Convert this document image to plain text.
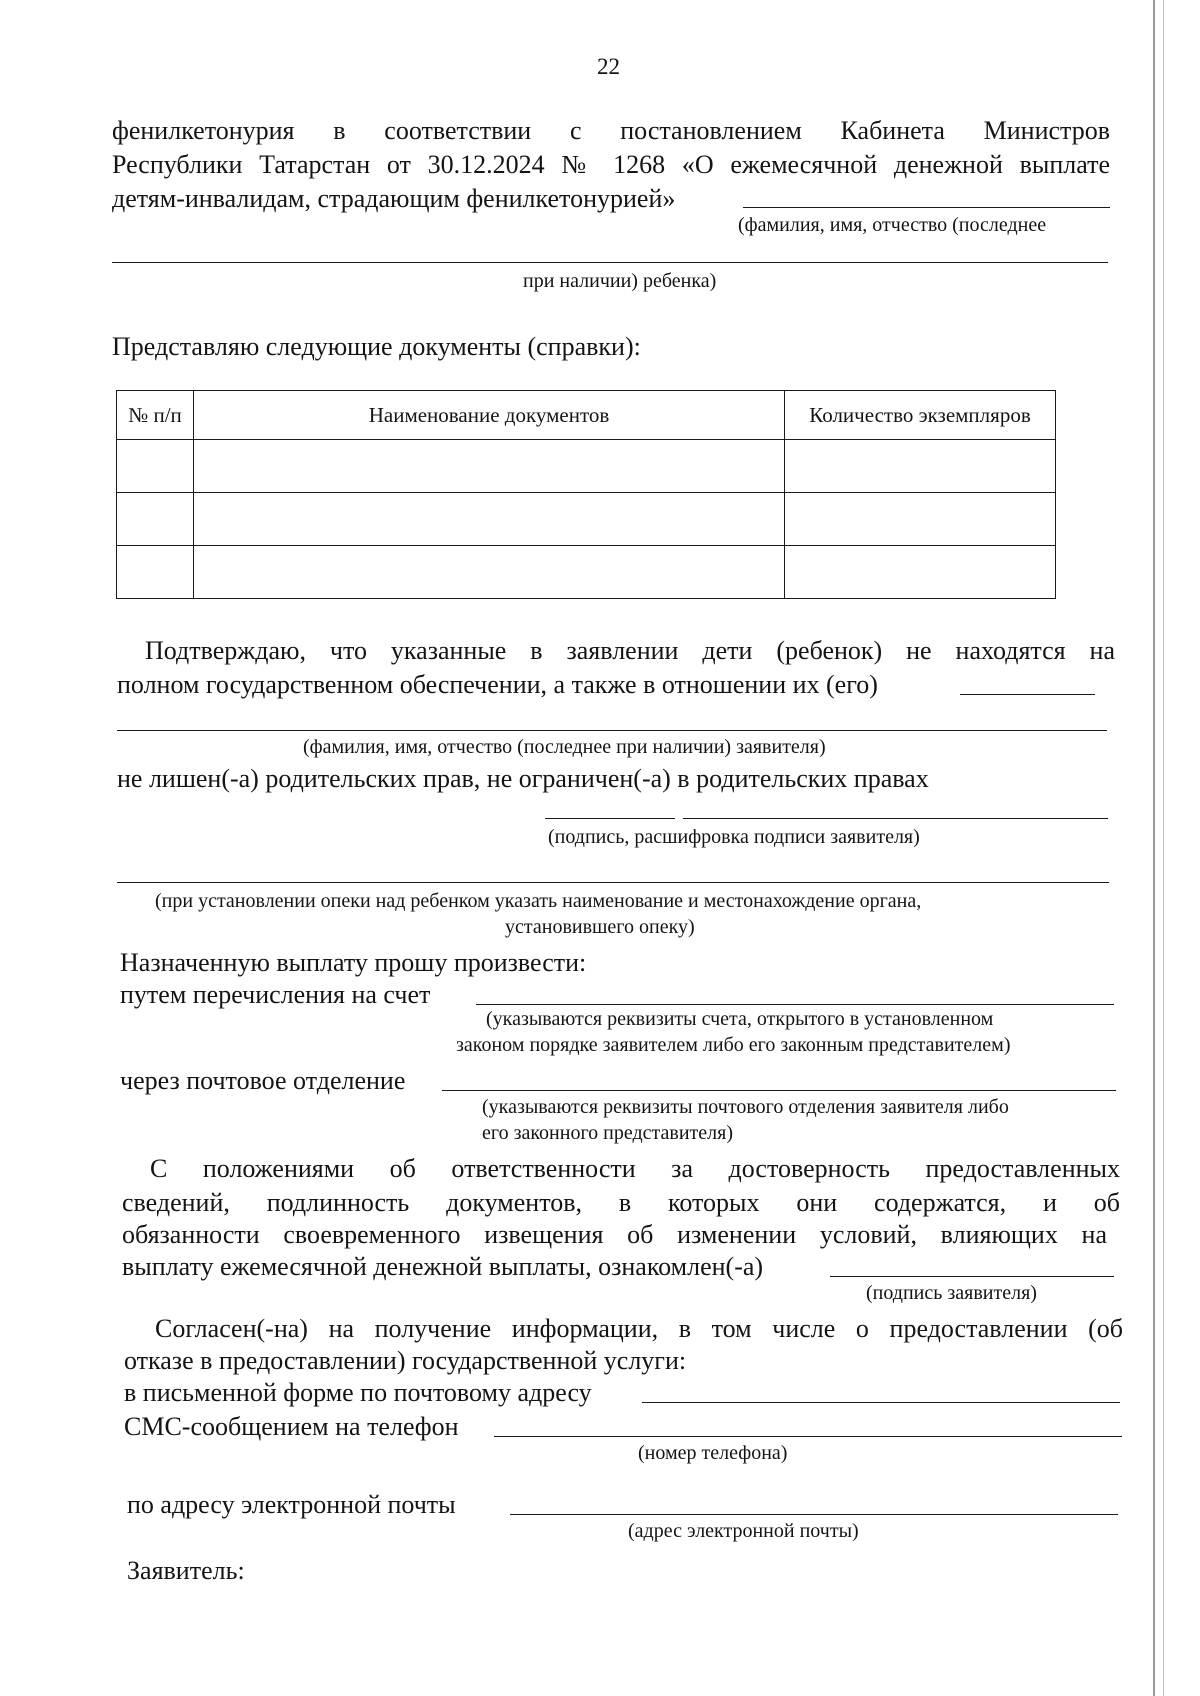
22
фенилкетонурия в соответствии с постановлением Кабинета Министров
Республики Татарстан от 30.12.2024 № 1268 «О ежемесячной денежной выплате
детям-инвалидам, страдающим фенилкетонурией»
(фамилия, имя, отчество (последнее
при наличии) ребенка)
Представляю следующие документы (справки):
№ п/п	Наименование документов	Количество экземпляров

Подтверждаю, что указанные в заявлении дети (ребенок) не находятся на
полном государственном обеспечении, а также в отношении их (его)
(фамилия, имя, отчество (последнее при наличии) заявителя)
не лишен(-а) родительских прав, не ограничен(-а) в родительских правах
(подпись, расшифровка подписи заявителя)
(при установлении опеки над ребенком указать наименование и местонахождение органа,
установившего опеку)
Назначенную выплату прошу произвести:
путем перечисления на счет
(указываются реквизиты счета, открытого в установленном
законом порядке заявителем либо его законным представителем)
через почтовое отделение
(указываются реквизиты почтового отделения заявителя либо
его законного представителя)
С положениями об ответственности за достоверность предоставленных
сведений, подлинность документов, в которых они содержатся, и об
обязанности своевременного извещения об изменении условий, влияющих на
выплату ежемесячной денежной выплаты, ознакомлен(-а)
(подпись заявителя)
Согласен(-на) на получение информации, в том числе о предоставлении (об
отказе в предоставлении) государственной услуги:
в письменной форме по почтовому адресу
СМС-сообщением на телефон
(номер телефона)
по адресу электронной почты
(адрес электронной почты)
Заявитель:
